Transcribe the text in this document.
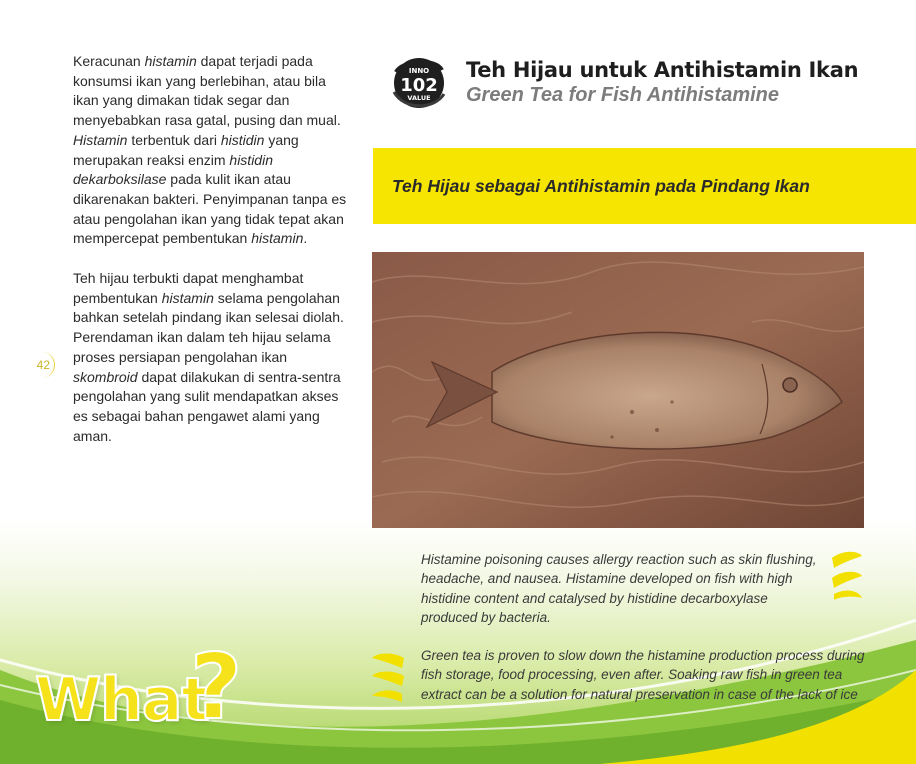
42

Keracunan histamin dapat terjadi pada konsumsi ikan yang berlebihan, atau bila ikan yang dimakan tidak segar dan menyebabkan rasa gatal, pusing dan mual. Histamin terbentuk dari histidin yang merupakan reaksi enzim histidin dekarboksilase pada kulit ikan atau dikarenakan bakteri. Penyimpanan tanpa es atau pengolahan ikan yang tidak tepat akan mempercepat pembentukan histamin.

Teh hijau terbukti dapat menghambat pembentukan histamin selama pengolahan bahkan setelah pindang ikan selesai diolah. Perendaman ikan dalam teh hijau selama proses persiapan pengolahan ikan skombroid dapat dilakukan di sentra-sentra pengolahan yang sulit mendapatkan akses es sebagai bahan pengawet alami yang aman.

INNO
102
VALUE
Teh Hijau untuk Antihistamin Ikan
Green Tea for Fish Antihistamine
Teh Hijau sebagai Antihistamin pada Pindang Ikan
Histamine poisoning causes allergy reaction such as skin flushing, headache, and nausea. Histamine developed on fish with high histidine content and catalysed by histidine decarboxylase produced by bacteria.
Green tea is proven to slow down the histamine production process during fish storage, food processing, even after. Soaking raw fish in green tea extract can be a solution for natural preservation in case of the lack of ice
What
?
